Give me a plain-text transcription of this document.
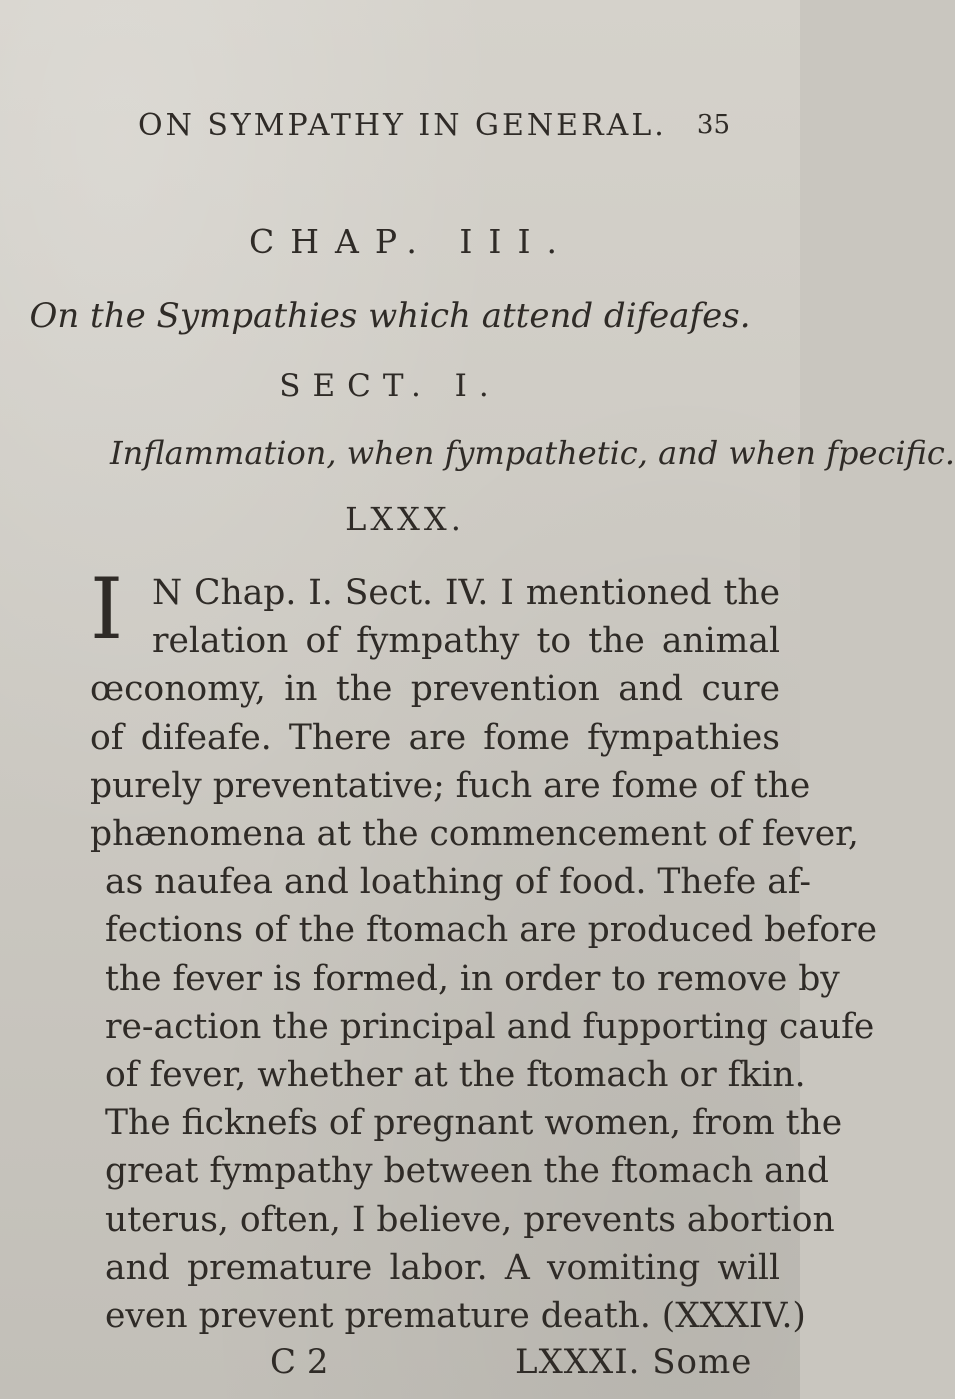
ON SYMPATHY IN GENERAL. 35
CHAP. III.
On the Sympathies which attend difeafes.
SECT. I.
Inflammation, when fympathetic, and when fpecific.
LXXX.
I N Chap. I. Sect. IV. I mentioned the
relation of fympathy to the animal
œconomy, in the prevention and cure
of difeafe. There are fome fympathies
purely preventative; fuch are fome of the
phænomena at the commencement of fever,
as naufea and loathing of food. Thefe af-
fections of the ftomach are produced before
the fever is formed, in order to remove by
re-action the principal and fupporting caufe
of fever, whether at the ftomach or fkin.
The ficknefs of pregnant women, from the
great fympathy between the ftomach and
uterus, often, I believe, prevents abortion
and premature labor. A vomiting will
even prevent premature death. (XXXIV.)
C 2	LXXXI. Some
